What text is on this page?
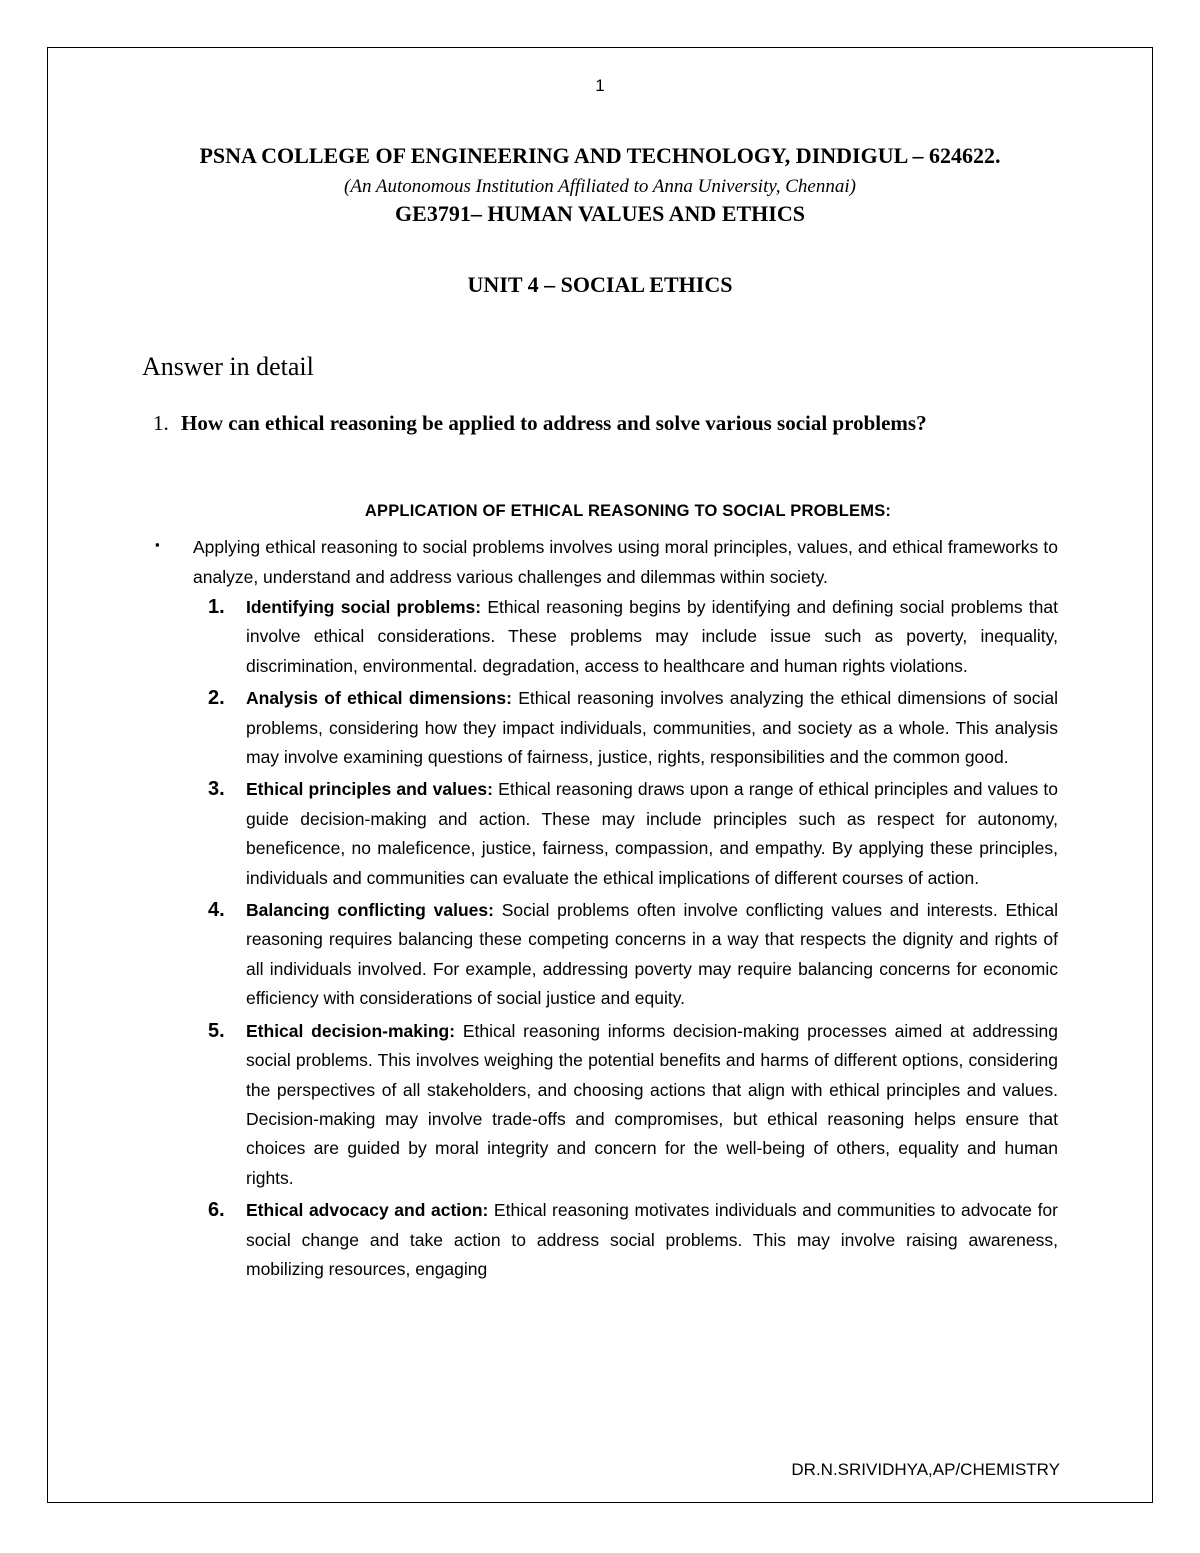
1
PSNA COLLEGE OF ENGINEERING AND TECHNOLOGY, DINDIGUL – 624622.
(An Autonomous Institution Affiliated to Anna University, Chennai)
GE3791– HUMAN VALUES AND ETHICS
UNIT 4 – SOCIAL ETHICS
Answer in detail
1. How can ethical reasoning be applied to address and solve various social problems?
APPLICATION OF ETHICAL REASONING TO SOCIAL PROBLEMS:
▪ Applying ethical reasoning to social problems involves using moral principles, values, and ethical frameworks to analyze, understand and address various challenges and dilemmas within society.
1. Identifying social problems: Ethical reasoning begins by identifying and defining social problems that involve ethical considerations. These problems may include issue such as poverty, inequality, discrimination, environmental. degradation, access to healthcare and human rights violations.
2. Analysis of ethical dimensions: Ethical reasoning involves analyzing the ethical dimensions of social problems, considering how they impact individuals, communities, and society as a whole. This analysis may involve examining questions of fairness, justice, rights, responsibilities and the common good.
3. Ethical principles and values: Ethical reasoning draws upon a range of ethical principles and values to guide decision-making and action. These may include principles such as respect for autonomy, beneficence, no maleficence, justice, fairness, compassion, and empathy. By applying these principles, individuals and communities can evaluate the ethical implications of different courses of action.
4. Balancing conflicting values: Social problems often involve conflicting values and interests. Ethical reasoning requires balancing these competing concerns in a way that respects the dignity and rights of all individuals involved. For example, addressing poverty may require balancing concerns for economic efficiency with considerations of social justice and equity.
5. Ethical decision-making: Ethical reasoning informs decision-making processes aimed at addressing social problems. This involves weighing the potential benefits and harms of different options, considering the perspectives of all stakeholders, and choosing actions that align with ethical principles and values. Decision-making may involve trade-offs and compromises, but ethical reasoning helps ensure that choices are guided by moral integrity and concern for the well-being of others, equality and human rights.
6. Ethical advocacy and action: Ethical reasoning motivates individuals and communities to advocate for social change and take action to address social problems. This may involve raising awareness, mobilizing resources, engaging
DR.N.SRIVIDHYA,AP/CHEMISTRY
